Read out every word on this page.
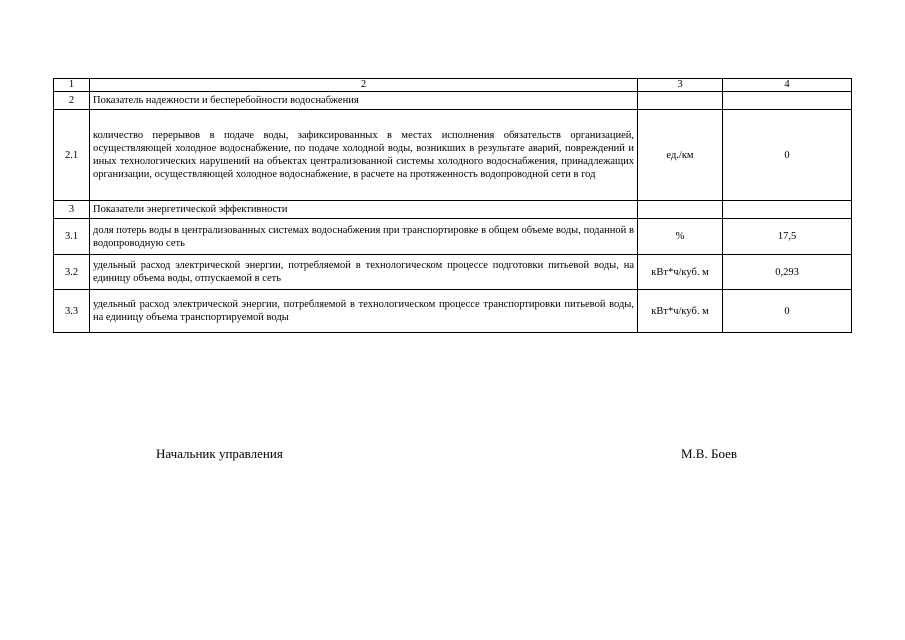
1	2	3	4
2	Показатель надежности и бесперебойности водоснабжения		
2.1	количество перерывов в подаче воды, зафиксированных в местах исполнения обязательств организацией, осуществляющей холодное водоснабжение, по подаче холодной воды, возникших в результате аварий, повреждений и иных технологических нарушений на объектах централизованной системы холодного водоснабжения, принадлежащих организации, осуществляющей холодное водоснабжение, в расчете на протяженность водопроводной сети в год	ед./км	0
3	Показатели энергетической эффективности		
3.1	доля потерь воды в централизованных системах водоснабжения при транспортировке в общем объеме воды, поданной в водопроводную сеть	%	17,5
3.2	удельный расход электрической энергии, потребляемой в технологическом процессе подготовки питьевой воды, на единицу объема воды, отпускаемой в сеть	кВт*ч/куб. м	0,293
3.3	удельный расход электрической энергии, потребляемой в технологическом процессе транспортировки питьевой воды, на единицу объема транспортируемой воды	кВт*ч/куб. м	0
Начальник управления	М.В. Боев
